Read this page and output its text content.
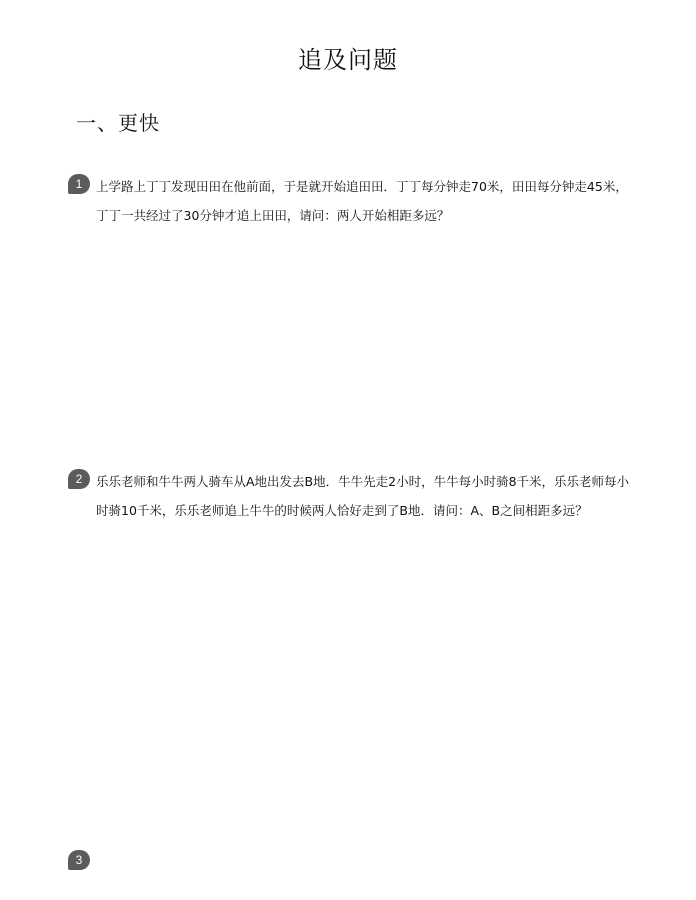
追及问题
一、更快
1	上学路上丁丁发现田田在他前面，于是就开始追田田．丁丁每分钟走70米，田田每分钟走45米，丁丁一共经过了30分钟才追上田田，请问：两人开始相距多远？
2	乐乐老师和牛牛两人骑车从A地出发去B地．牛牛先走2小时，牛牛每小时骑8千米，乐乐老师每小时骑10千米，乐乐老师追上牛牛的时候两人恰好走到了B地．请问：A、B之间相距多远？
3
